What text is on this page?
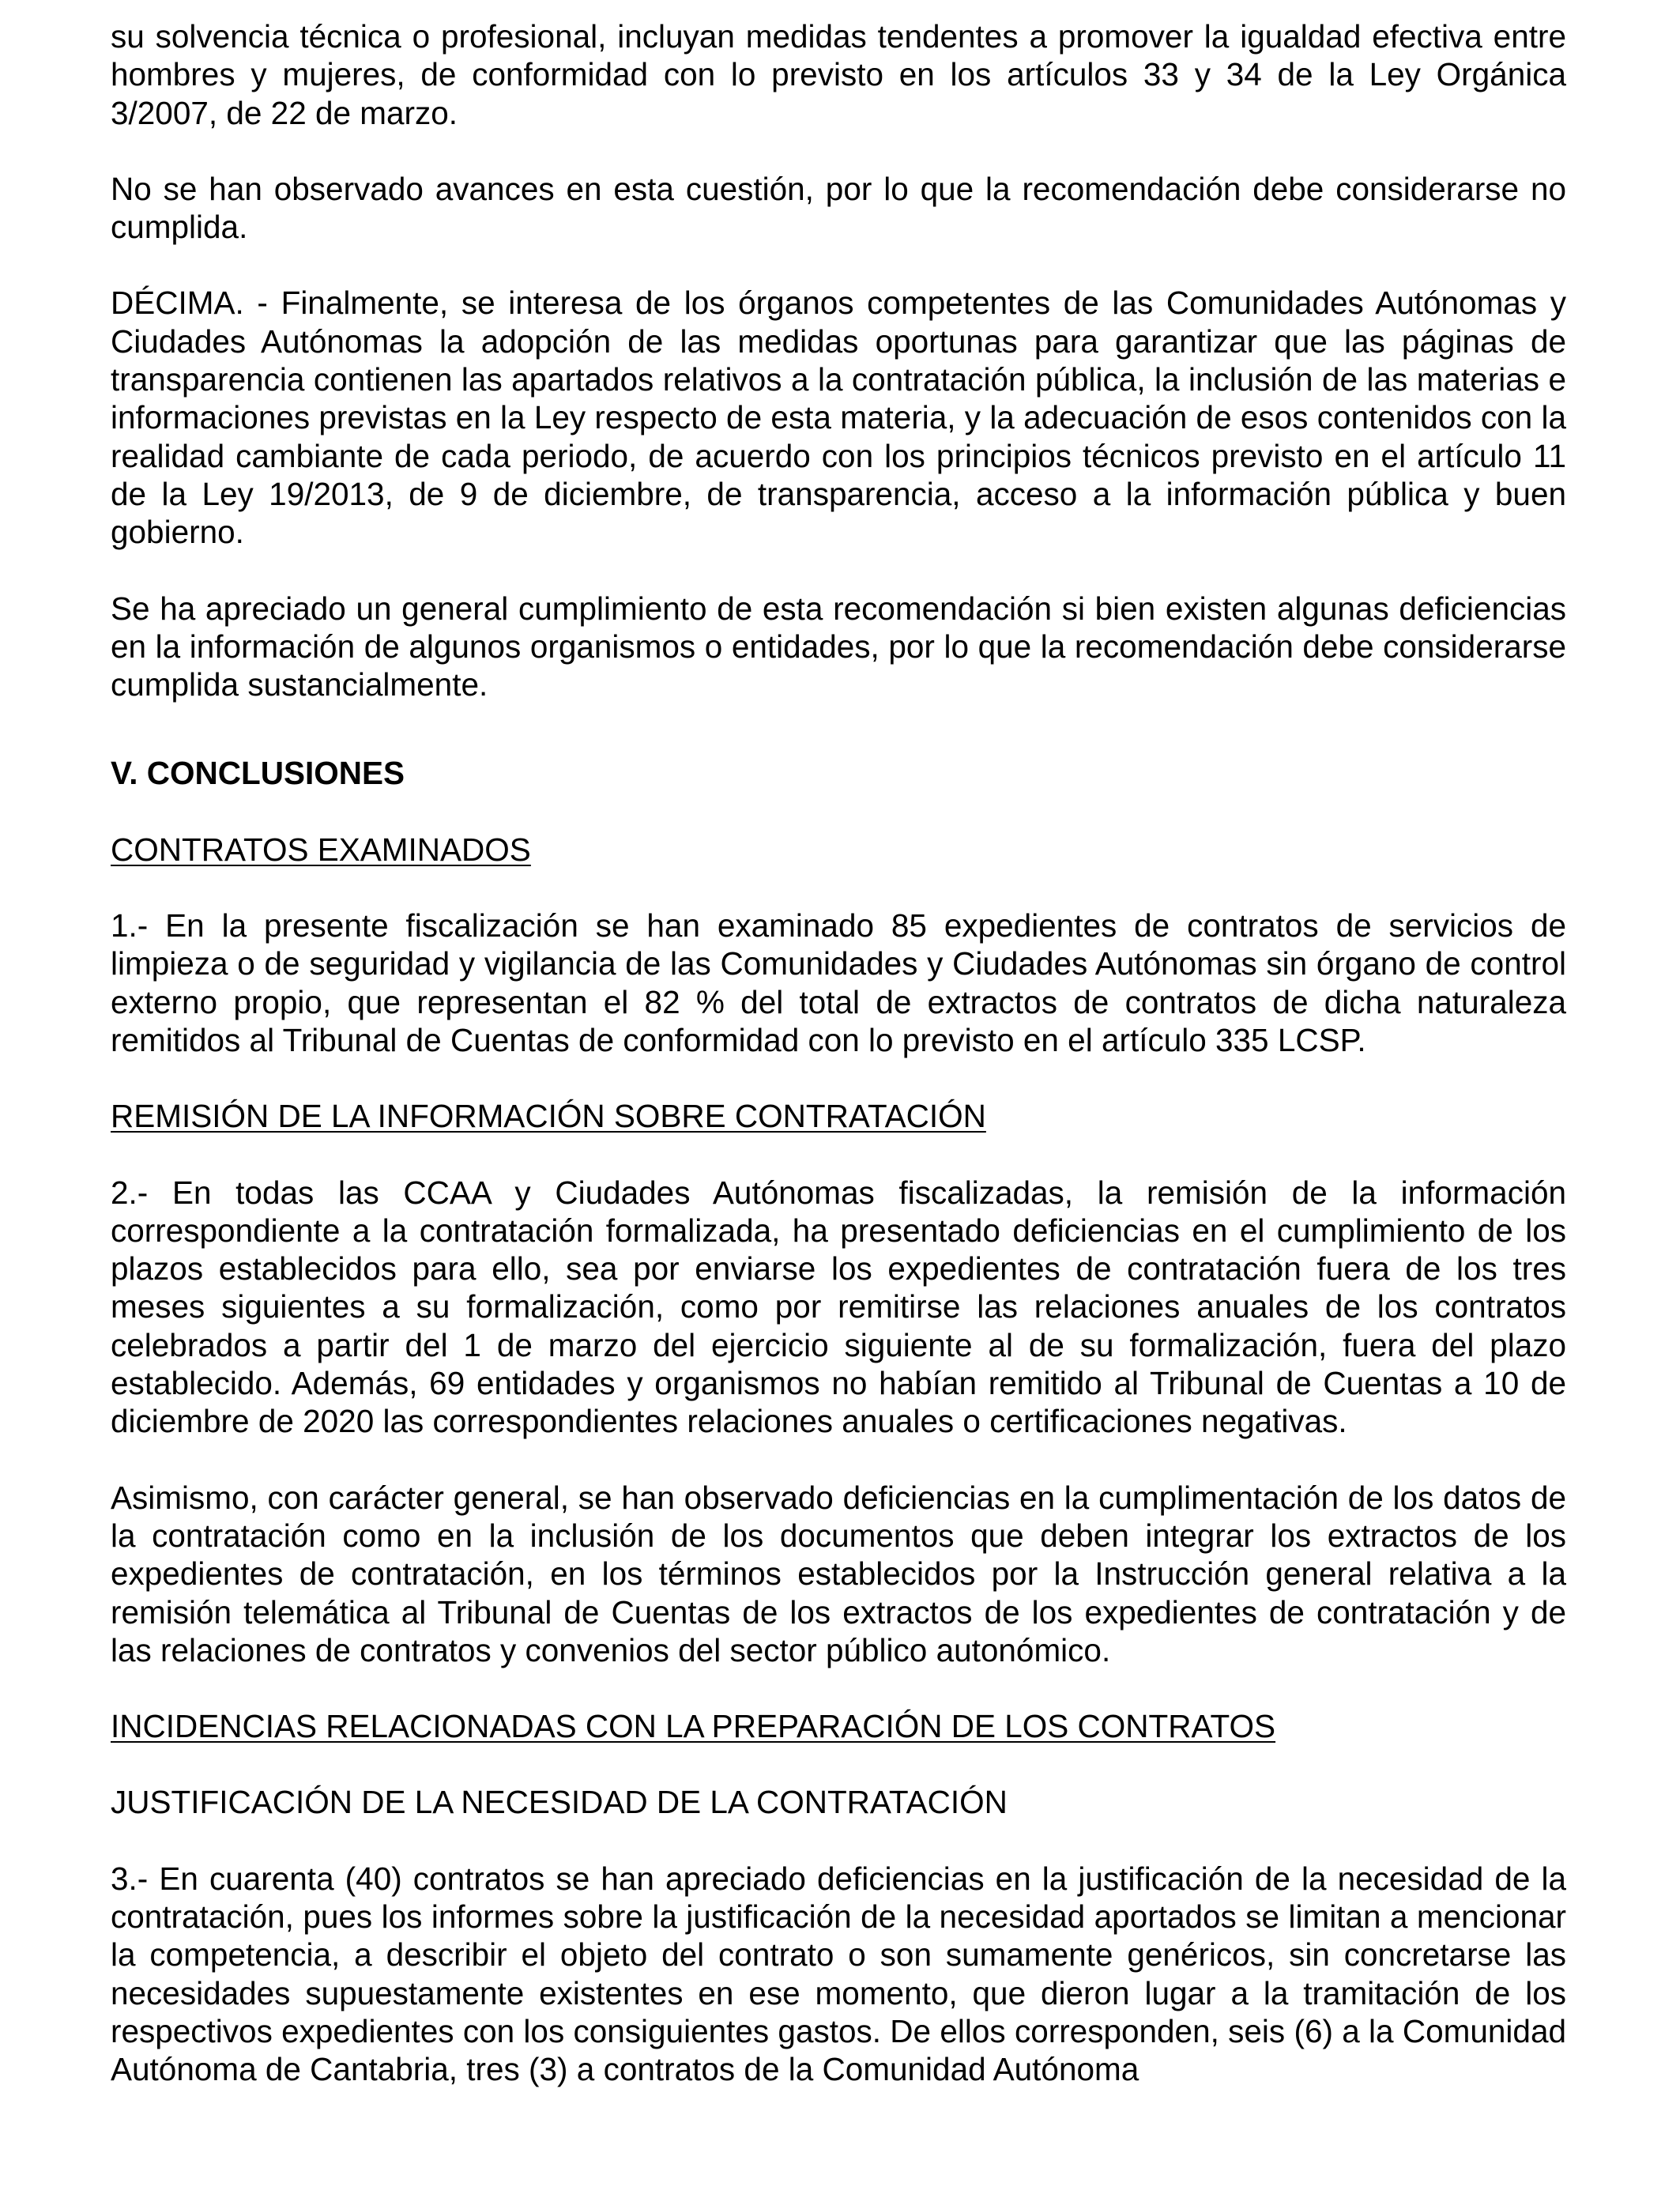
su solvencia técnica o profesional, incluyan medidas tendentes a promover la igualdad efectiva entre hombres y mujeres, de conformidad con lo previsto en los artículos 33 y 34 de la Ley Orgánica 3/2007, de 22 de marzo.

No se han observado avances en esta cuestión, por lo que la recomendación debe considerarse no cumplida.

DÉCIMA. - Finalmente, se interesa de los órganos competentes de las Comunidades Autónomas y Ciudades Autónomas la adopción de las medidas oportunas para garantizar que las páginas de transparencia contienen las apartados relativos a la contratación pública, la inclusión de las materias e informaciones previstas en la Ley respecto de esta materia, y la adecuación de esos contenidos con la realidad cambiante de cada periodo, de acuerdo con los principios técnicos previsto en el artículo 11 de la Ley 19/2013, de 9 de diciembre, de transparencia, acceso a la información pública y buen gobierno.

Se ha apreciado un general cumplimiento de esta recomendación si bien existen algunas deficiencias en la información de algunos organismos o entidades, por lo que la recomendación debe considerarse cumplida sustancialmente.

V. CONCLUSIONES

CONTRATOS EXAMINADOS

1.- En la presente fiscalización se han examinado 85 expedientes de contratos de servicios de limpieza o de seguridad y vigilancia de las Comunidades y Ciudades Autónomas sin órgano de control externo propio, que representan el 82 % del total de extractos de contratos de dicha naturaleza remitidos al Tribunal de Cuentas de conformidad con lo previsto en el artículo 335 LCSP.

REMISIÓN DE LA INFORMACIÓN SOBRE CONTRATACIÓN

2.- En todas las CCAA y Ciudades Autónomas fiscalizadas, la remisión de la información correspondiente a la contratación formalizada, ha presentado deficiencias en el cumplimiento de los plazos establecidos para ello, sea por enviarse los expedientes de contratación fuera de los tres meses siguientes a su formalización, como por remitirse las relaciones anuales de los contratos celebrados a partir del 1 de marzo del ejercicio siguiente al de su formalización, fuera del plazo establecido. Además, 69 entidades y organismos no habían remitido al Tribunal de Cuentas a 10 de diciembre de 2020 las correspondientes relaciones anuales o certificaciones negativas.

Asimismo, con carácter general, se han observado deficiencias en la cumplimentación de los datos de la contratación como en la inclusión de los documentos que deben integrar los extractos de los expedientes de contratación, en los términos establecidos por la Instrucción general relativa a la remisión telemática al Tribunal de Cuentas de los extractos de los expedientes de contratación y de las relaciones de contratos y convenios del sector público autonómico.

INCIDENCIAS RELACIONADAS CON LA PREPARACIÓN DE LOS CONTRATOS

JUSTIFICACIÓN DE LA NECESIDAD DE LA CONTRATACIÓN

3.- En cuarenta (40) contratos se han apreciado deficiencias en la justificación de la necesidad de la contratación, pues los informes sobre la justificación de la necesidad aportados se limitan a mencionar la competencia, a describir el objeto del contrato o son sumamente genéricos, sin concretarse las necesidades supuestamente existentes en ese momento, que dieron lugar a la tramitación de los respectivos expedientes con los consiguientes gastos. De ellos corresponden, seis (6) a la Comunidad Autónoma de Cantabria, tres (3) a contratos de la Comunidad Autónoma
